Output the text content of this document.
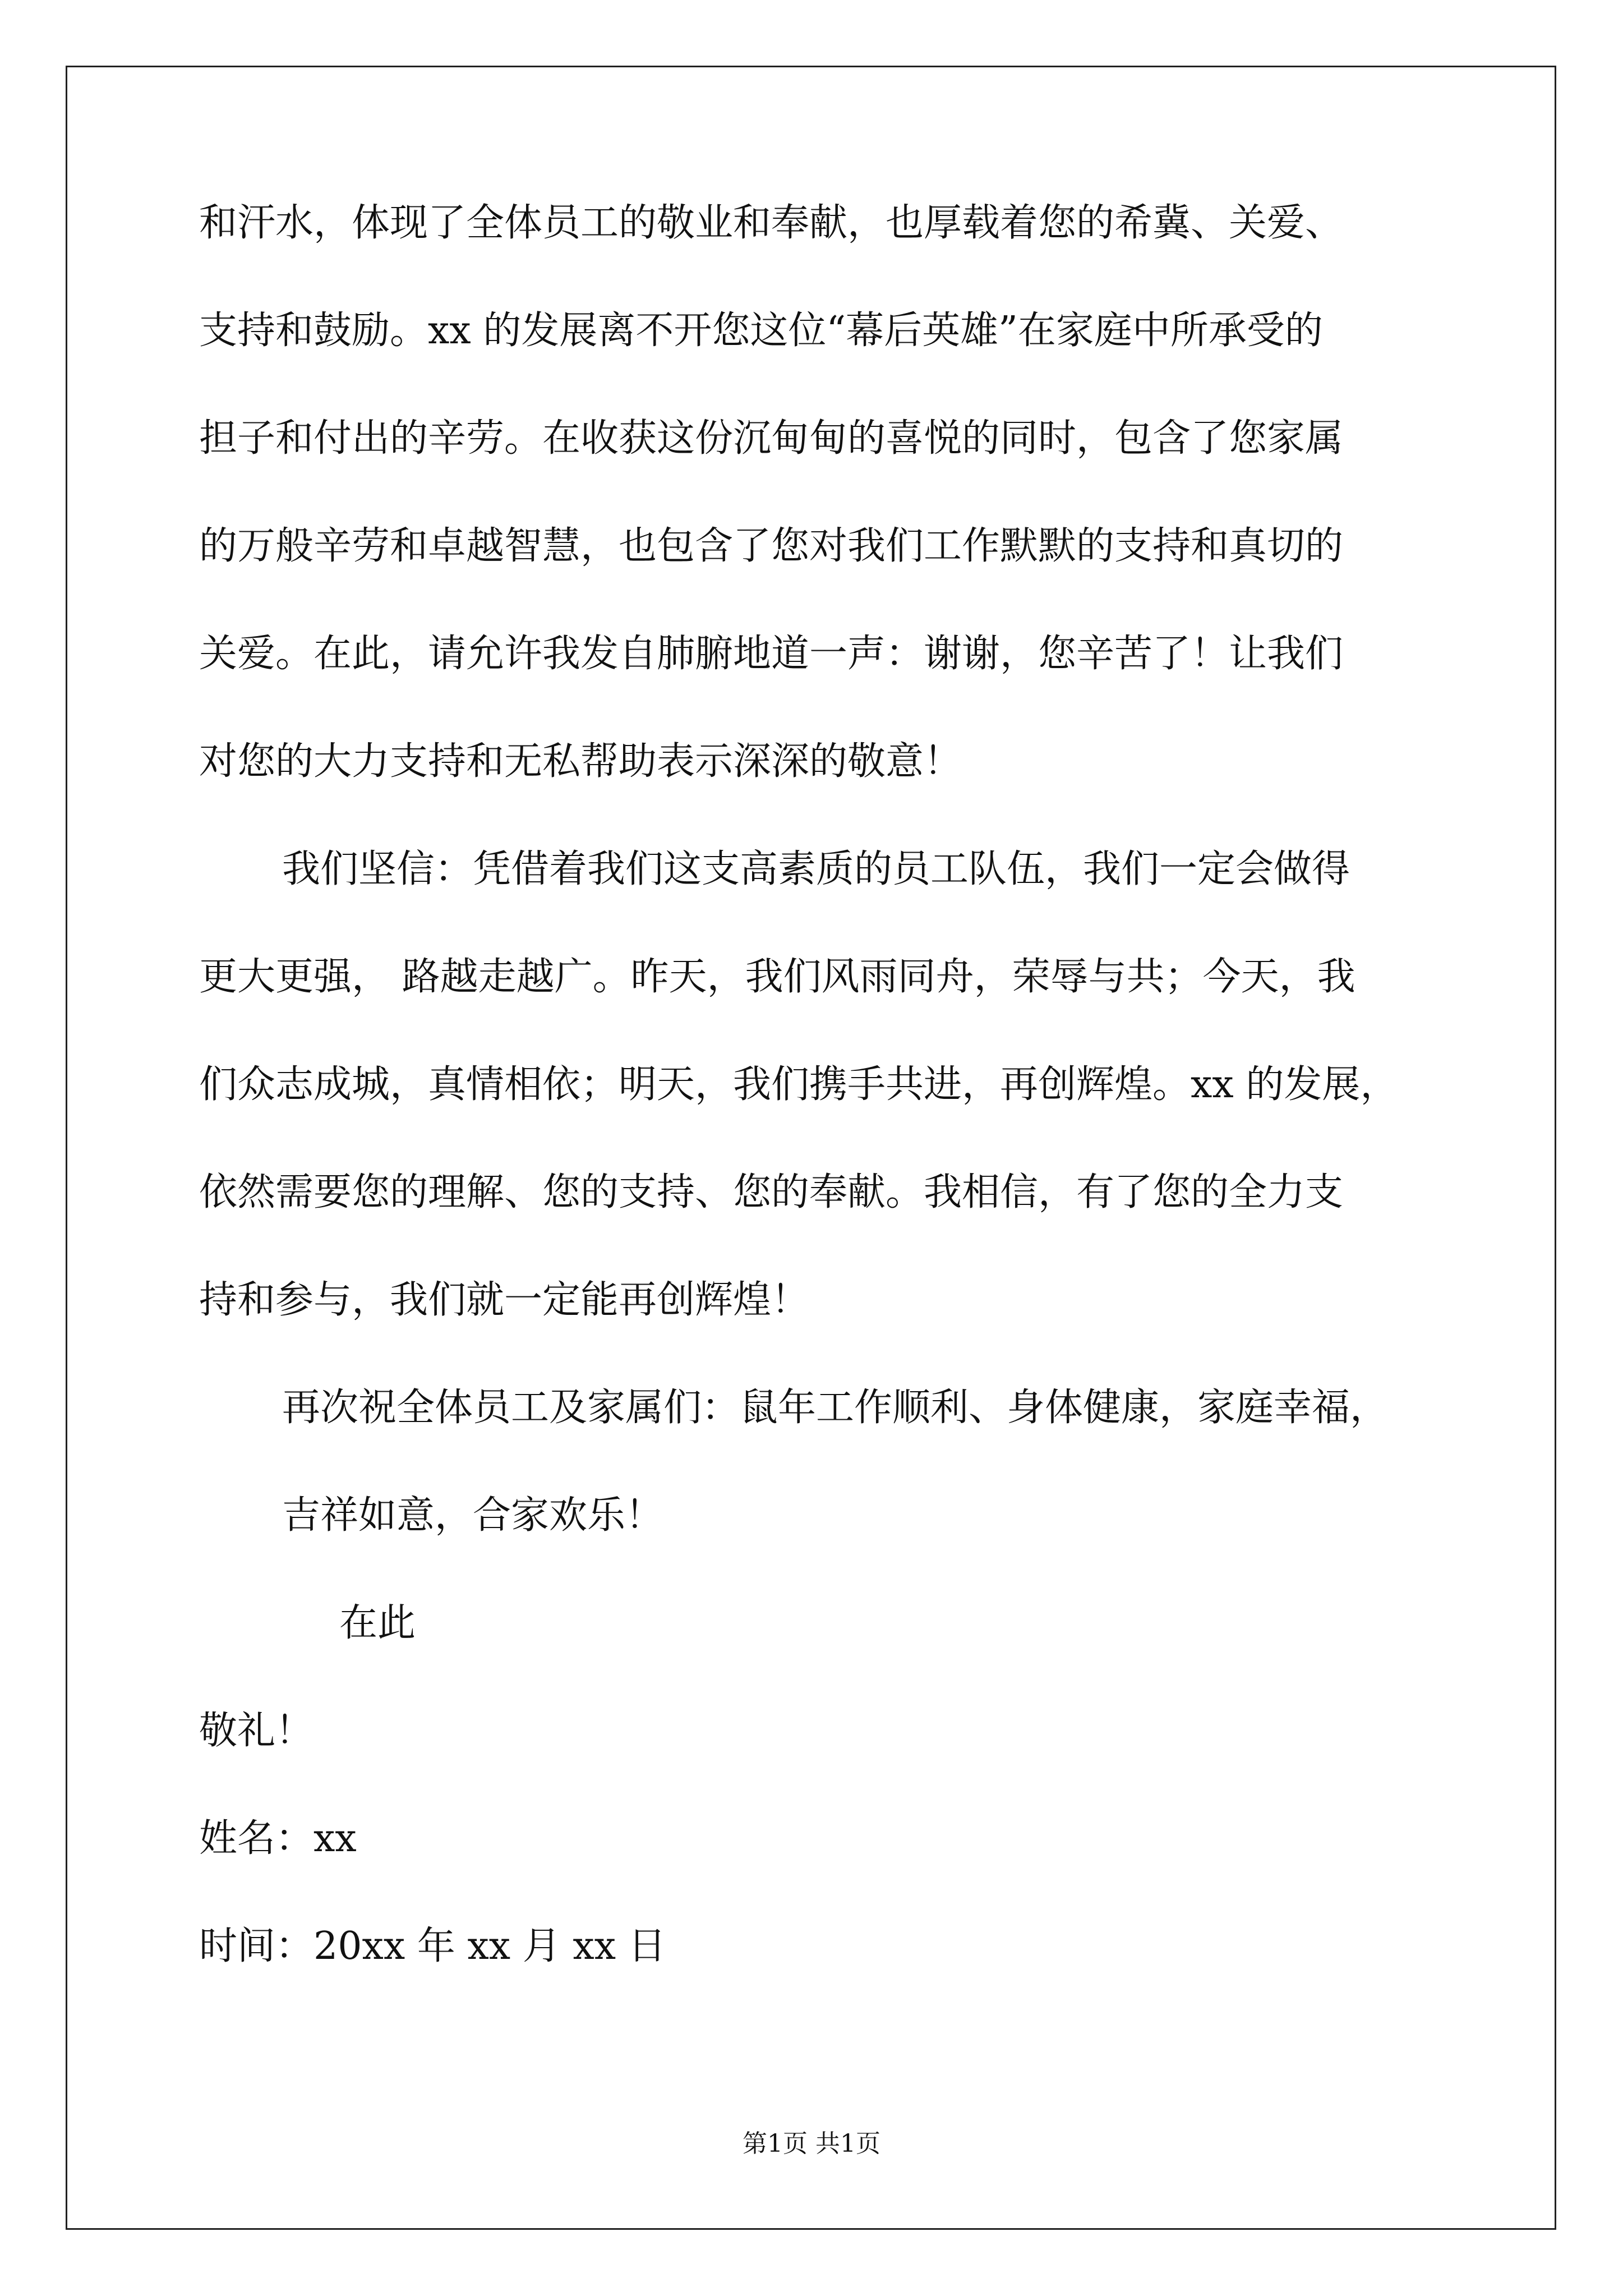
和汗水，体现了全体员工的敬业和奉献，也厚载着您的希冀、关爱、
支持和鼓励。xx 的发展离不开您这位“幕后英雄”在家庭中所承受的
担子和付出的辛劳。在收获这份沉甸甸的喜悦的同时，包含了您家属
的万般辛劳和卓越智慧，也包含了您对我们工作默默的支持和真切的
关爱。在此，请允许我发自肺腑地道一声：谢谢，您辛苦了！让我们
对您的大力支持和无私帮助表示深深的敬意！
我们坚信：凭借着我们这支高素质的员工队伍，我们一定会做得
更大更强， 路越走越广。昨天，我们风雨同舟，荣辱与共；今天，我
们众志成城，真情相依；明天，我们携手共进，再创辉煌。xx 的发展，
依然需要您的理解、您的支持、您的奉献。我相信，有了您的全力支
持和参与，我们就一定能再创辉煌！
再次祝全体员工及家属们：鼠年工作顺利、身体健康，家庭幸福，
吉祥如意，合家欢乐！
在此
敬礼！
姓名：xx
时间：20xx 年 xx 月 xx 日
第1页 共1页
